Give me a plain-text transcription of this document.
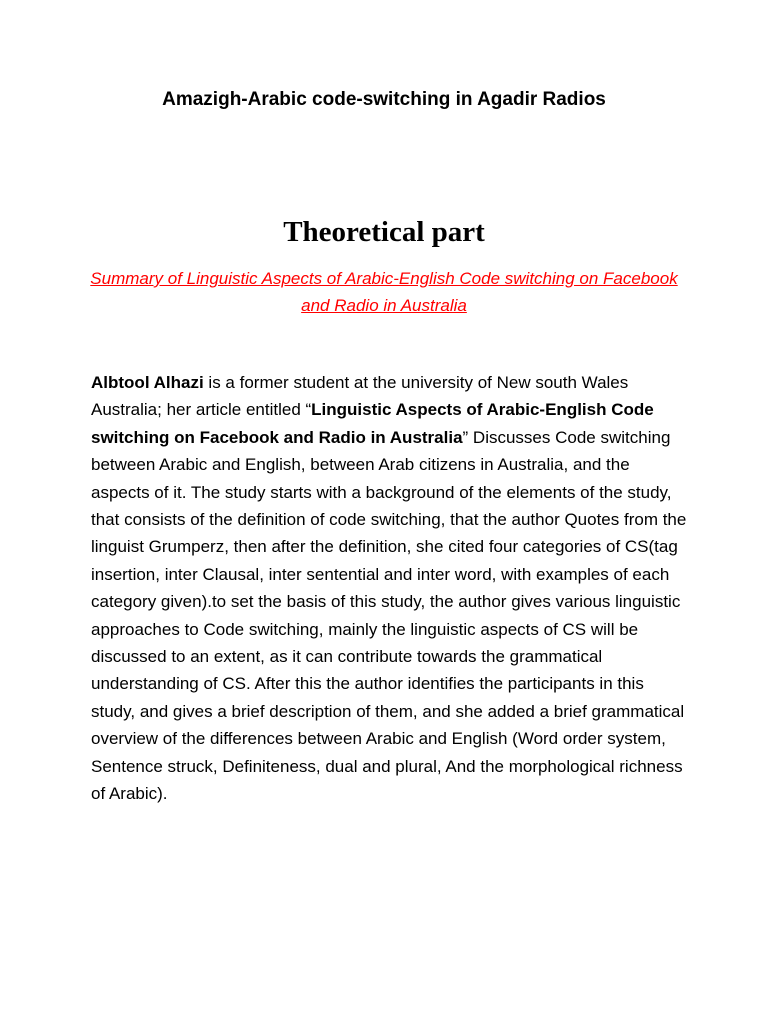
Amazigh-Arabic code-switching in Agadir Radios
Theoretical part
Summary of Linguistic Aspects of Arabic-English Code switching on Facebook and Radio in Australia

Albtool Alhazi is a former student at the university of New south Wales Australia; her article entitled “Linguistic Aspects of Arabic-English Code switching on Facebook and Radio in Australia” Discusses Code switching between Arabic and English, between Arab citizens in Australia, and the aspects of it. The study starts with a background of the elements of the study, that consists of the definition of code switching, that the author Quotes from the linguist Grumperz, then after the definition, she cited four categories of CS(tag insertion, inter Clausal, inter sentential and inter word, with examples of each category given).to set the basis of this study, the author gives various linguistic approaches to Code switching, mainly the linguistic aspects of CS will be discussed to an extent, as it can contribute towards the grammatical understanding of CS. After this the author identifies the participants in this study, and gives a brief description of them, and she added a brief grammatical overview of the differences between Arabic and English (Word order system, Sentence struck, Definiteness, dual and plural, And the morphological richness of Arabic).
